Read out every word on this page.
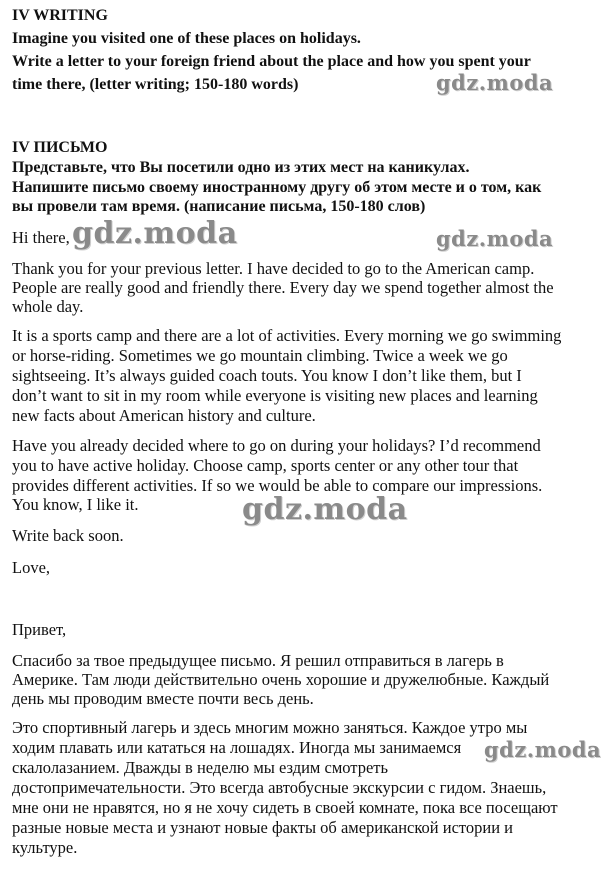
IV WRITING
Imagine you visited one of these places on holidays.
Write a letter to your foreign friend about the place and how you spent your
time there, (letter writing; 150-180 words)
IV ПИСЬМО
Представьте, что Вы посетили одно из этих мест на каникулах.
Напишите письмо своему иностранному другу об этом месте и о том, как
вы провели там время. (написание письма, 150-180 слов)
Hi there,
Thank you for your previous letter. I have decided to go to the American camp.
People are really good and friendly there. Every day we spend together almost the
whole day.
It is a sports camp and there are a lot of activities. Every morning we go swimming
or horse-riding. Sometimes we go mountain climbing. Twice a week we go
sightseeing. It’s always guided coach touts. You know I don’t like them, but I
don’t want to sit in my room while everyone is visiting new places and learning
new facts about American history and culture.
Have you already decided where to go on during your holidays? I’d recommend
you to have active holiday. Choose camp, sports center or any other tour that
provides different activities. If so we would be able to compare our impressions.
You know, I like it.
Write back soon.
Love,
Привет,
Спасибо за твое предыдущее письмо. Я решил отправиться в лагерь в
Америке. Там люди действительно очень хорошие и дружелюбные. Каждый
день мы проводим вместе почти весь день.
Это спортивный лагерь и здесь многим можно заняться. Каждое утро мы
ходим плавать или кататься на лошадях. Иногда мы занимаемся
скалолазанием. Дважды в неделю мы ездим смотреть
достопримечательности. Это всегда автобусные экскурсии с гидом. Знаешь,
мне они не нравятся, но я не хочу сидеть в своей комнате, пока все посещают
разные новые места и узнают новые факты об американской истории и
культуре.
gdz.moda
gdz.moda	gdz.moda
gdz.moda
gdz.moda
